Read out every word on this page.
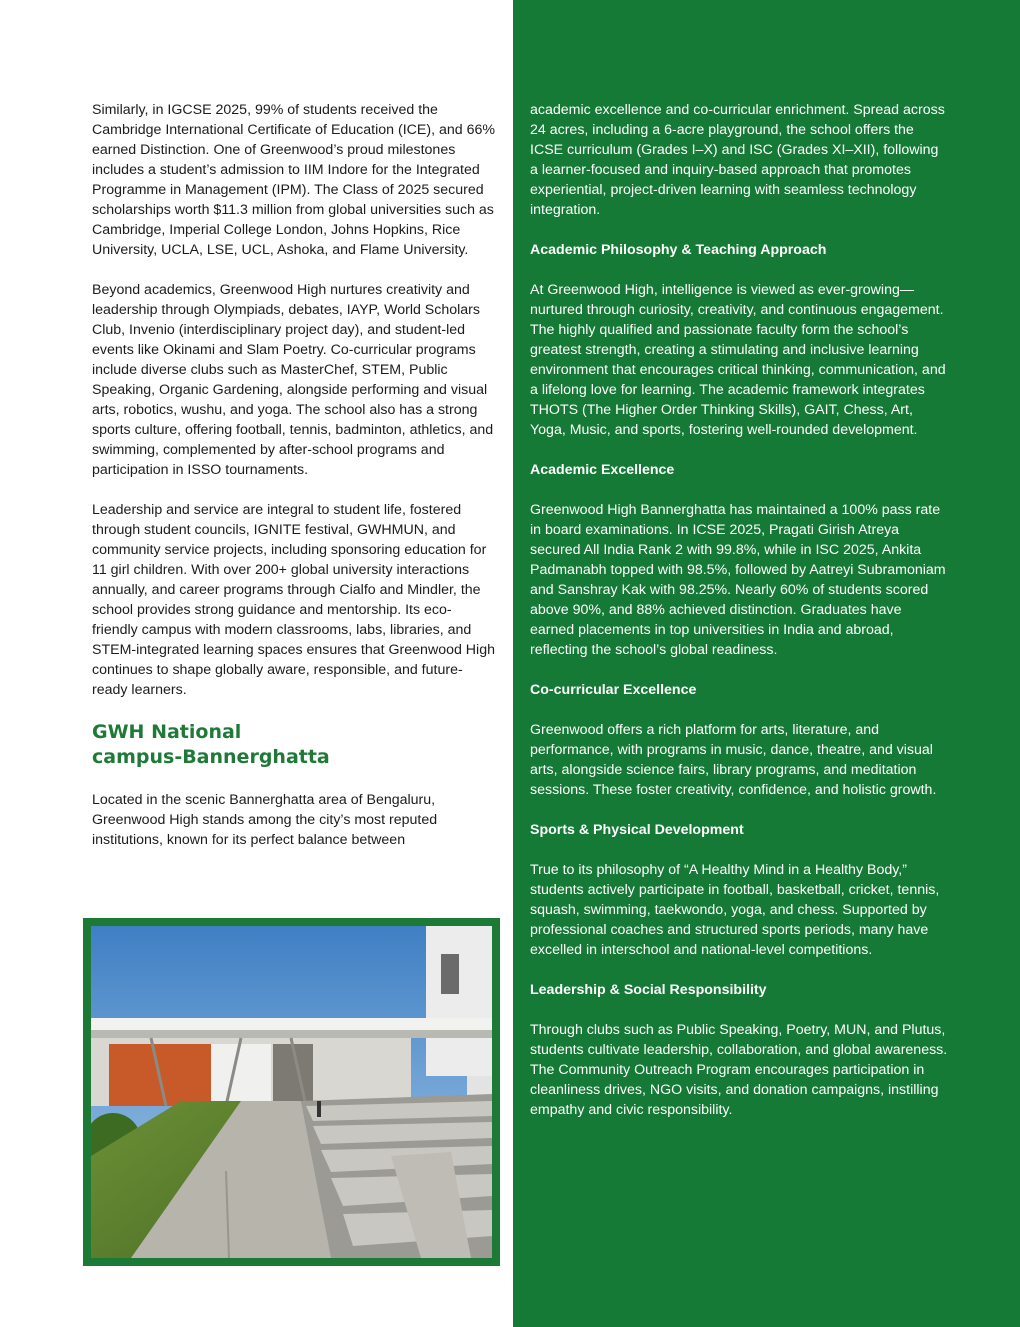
Similarly, in IGCSE 2025, 99% of students received the Cambridge International Certificate of Education (ICE), and 66% earned Distinction. One of Greenwood’s proud milestones includes a student’s admission to IIM Indore for the Integrated Programme in Management (IPM). The Class of 2025 secured scholarships worth $11.3 million from global universities such as Cambridge, Imperial College London, Johns Hopkins, Rice University, UCLA, LSE, UCL, Ashoka, and Flame University.

Beyond academics, Greenwood High nurtures creativity and leadership through Olympiads, debates, IAYP, World Scholars Club, Invenio (interdisciplinary project day), and student-led events like Okinami and Slam Poetry. Co-curricular programs include diverse clubs such as MasterChef, STEM, Public Speaking, Organic Gardening, alongside performing and visual arts, robotics, wushu, and yoga. The school also has a strong sports culture, offering football, tennis, badminton, athletics, and swimming, complemented by after-school programs and participation in ISSO tournaments.

Leadership and service are integral to student life, fostered through student councils, IGNITE festival, GWHMUN, and community service projects, including sponsoring education for 11 girl children. With over 200+ global university interactions annually, and career programs through Cialfo and Mindler, the school provides strong guidance and mentorship. Its eco-friendly campus with modern classrooms, labs, libraries, and STEM-integrated learning spaces ensures that Greenwood High continues to shape globally aware, responsible, and future-ready learners.

GWH National
campus-Bannerghatta

Located in the scenic Bannerghatta area of Bengaluru, Greenwood High stands among the city’s most reputed institutions, known for its perfect balance between

academic excellence and co-curricular enrichment. Spread across 24 acres, including a 6-acre playground, the school offers the ICSE curriculum (Grades I–X) and ISC (Grades XI–XII), following a learner-focused and inquiry-based approach that promotes experiential, project-driven learning with seamless technology integration.

Academic Philosophy & Teaching Approach

At Greenwood High, intelligence is viewed as ever-growing—nurtured through curiosity, creativity, and continuous engagement. The highly qualified and passionate faculty form the school’s greatest strength, creating a stimulating and inclusive learning environment that encourages critical thinking, communication, and a lifelong love for learning. The academic framework integrates THOTS (The Higher Order Thinking Skills), GAIT, Chess, Art, Yoga, Music, and sports, fostering well-rounded development.

Academic Excellence

Greenwood High Bannerghatta has maintained a 100% pass rate in board examinations. In ICSE 2025, Pragati Girish Atreya secured All India Rank 2 with 99.8%, while in ISC 2025, Ankita Padmanabh topped with 98.5%, followed by Aatreyi Subramoniam and Sanshray Kak with 98.25%. Nearly 60% of students scored above 90%, and 88% achieved distinction. Graduates have earned placements in top universities in India and abroad, reflecting the school’s global readiness.

Co-curricular Excellence

Greenwood offers a rich platform for arts, literature, and performance, with programs in music, dance, theatre, and visual arts, alongside science fairs, library programs, and meditation sessions. These foster creativity, confidence, and holistic growth.

Sports & Physical Development

True to its philosophy of “A Healthy Mind in a Healthy Body,” students actively participate in football, basketball, cricket, tennis, squash, swimming, taekwondo, yoga, and chess. Supported by professional coaches and structured sports periods, many have excelled in interschool and national-level competitions.

Leadership & Social Responsibility

Through clubs such as Public Speaking, Poetry, MUN, and Plutus, students cultivate leadership, collaboration, and global awareness. The Community Outreach Program encourages participation in cleanliness drives, NGO visits, and donation campaigns, instilling empathy and civic responsibility.
